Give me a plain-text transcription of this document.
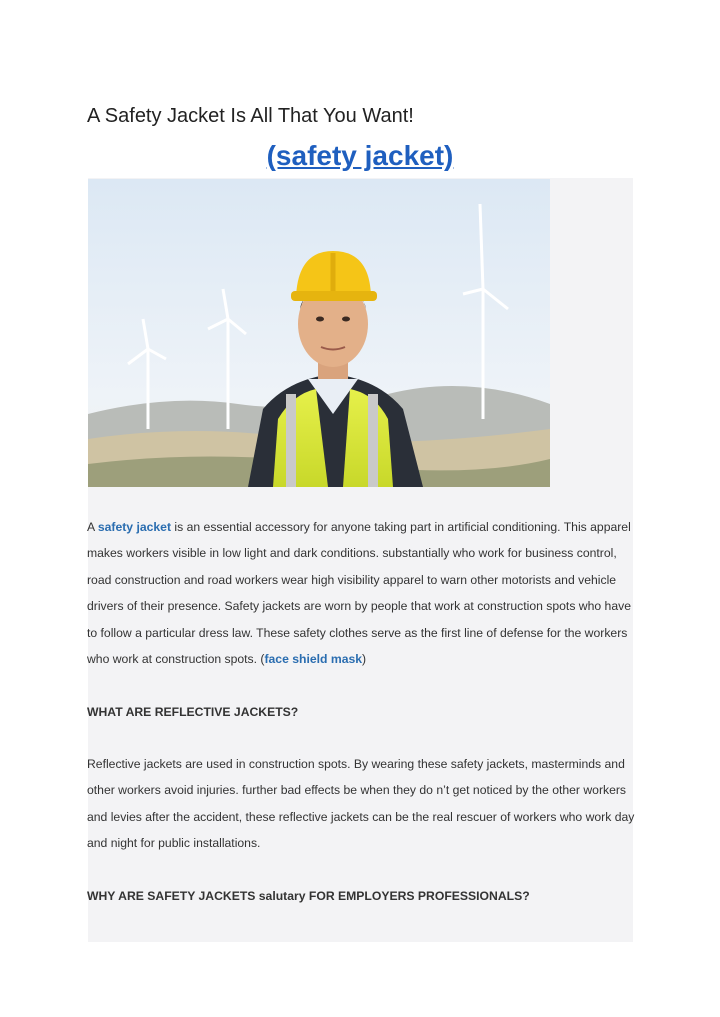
A Safety Jacket Is All That You Want!
(safety jacket)

A safety jacket is an essential accessory for anyone taking part in artificial conditioning. This apparel makes workers visible in low light and dark conditions. substantially who work for business control, road construction and road workers wear high visibility apparel to warn other motorists and vehicle drivers of their presence. Safety jackets are worn by people that work at construction spots who have to follow a particular dress law. These safety clothes serve as the first line of defense for the workers who work at construction spots. (face shield mask)

WHAT ARE REFLECTIVE JACKETS?

Reflective jackets are used in construction spots. By wearing these safety jackets, masterminds and other workers avoid injuries. further bad effects be when they do n’t get noticed by the other workers and levies after the accident, these reflective jackets can be the real rescuer of workers who work day and night for public installations.

WHY ARE SAFETY JACKETS salutary FOR EMPLOYERS PROFESSIONALS?
